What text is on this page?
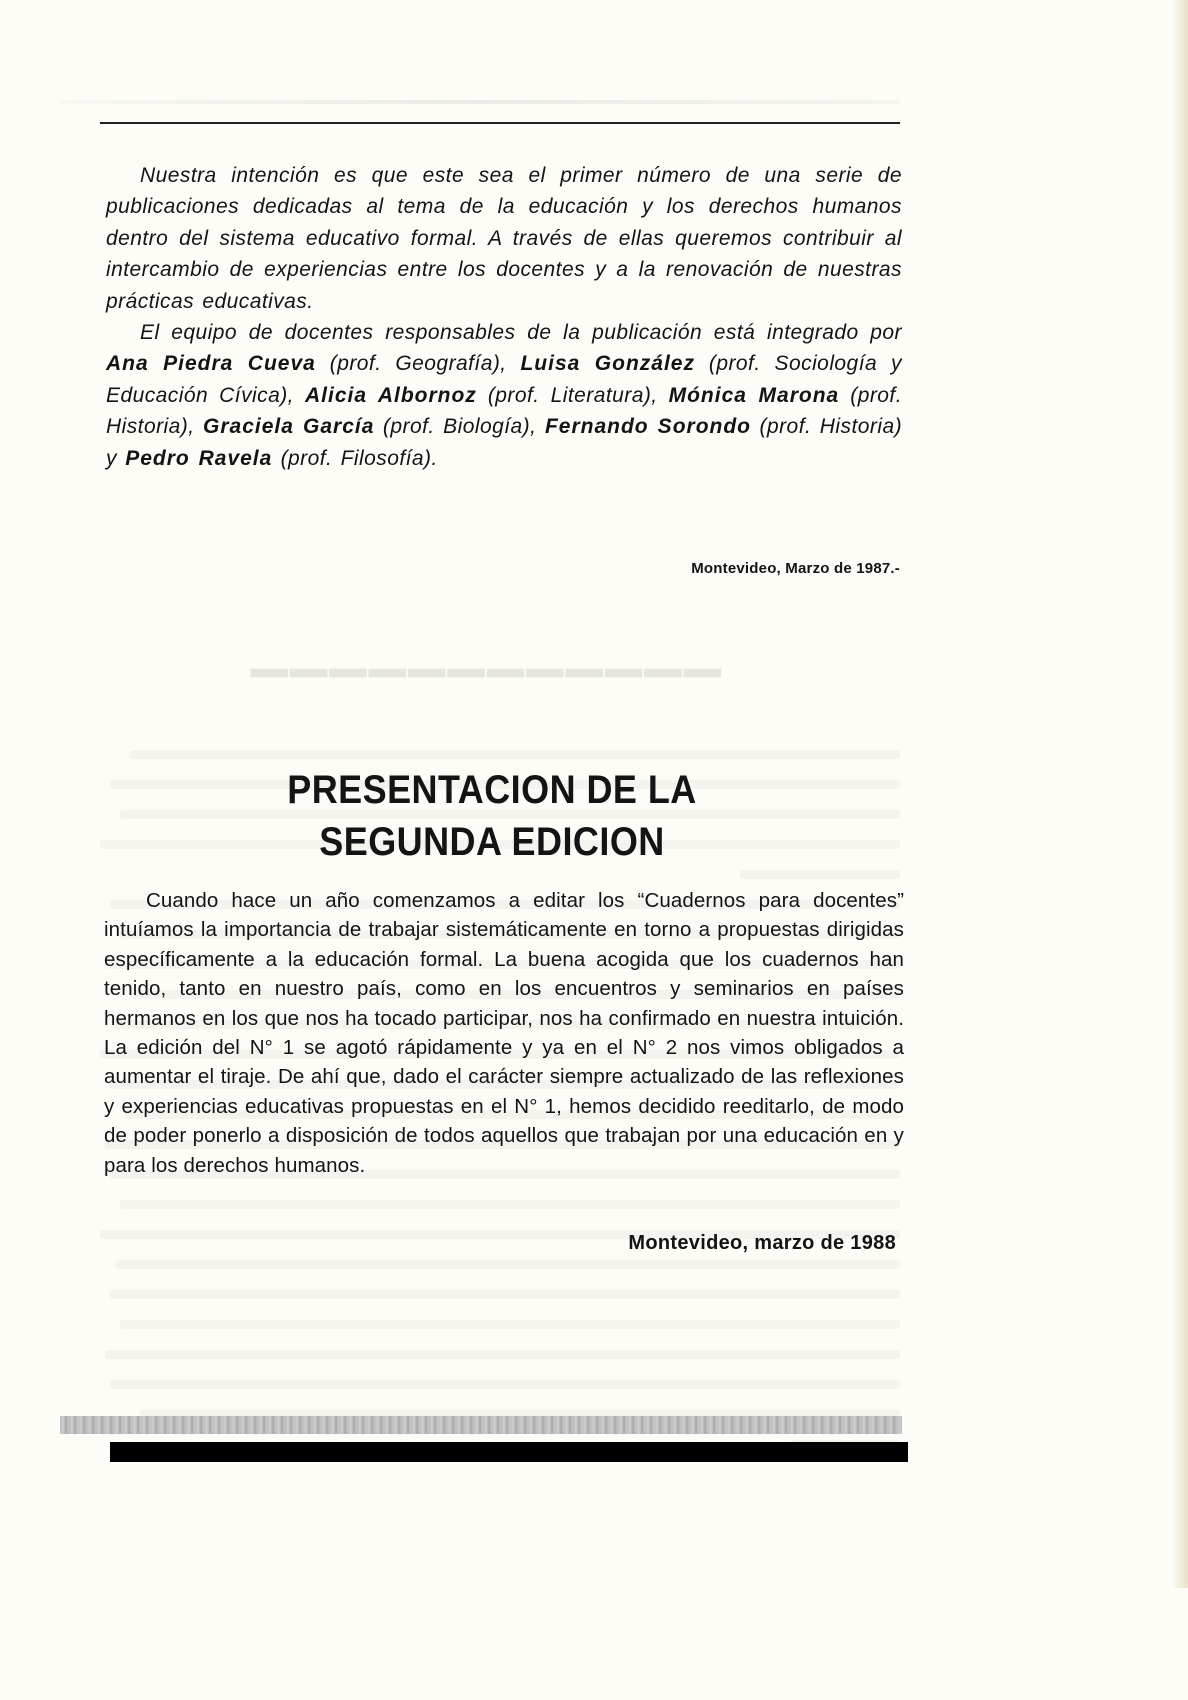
Nuestra intención es que este sea el primer número de una serie de publicaciones dedicadas al tema de la educación y los derechos humanos dentro del sistema educativo formal. A través de ellas queremos contribuir al intercambio de experiencias entre los docentes y a la renovación de nuestras prácticas educativas.

El equipo de docentes responsables de la publicación está integrado por Ana Piedra Cueva (prof. Geografía), Luisa González (prof. Sociología y Educación Cívica), Alicia Albornoz (prof. Literatura), Mónica Marona (prof. Historia), Graciela García (prof. Biología), Fernando Sorondo (prof. Historia) y Pedro Ravela (prof. Filosofía).

Montevideo, Marzo de 1987.-
▁▁▁▁▁▁▁▁▁▁▁▁
PRESENTACION DE LA
SEGUNDA EDICION

Cuando hace un año comenzamos a editar los “Cuadernos para docentes” intuíamos la importancia de trabajar sistemáticamente en torno a propuestas dirigidas específicamente a la educación formal. La buena acogida que los cuadernos han tenido, tanto en nuestro país, como en los encuentros y seminarios en países hermanos en los que nos ha tocado participar, nos ha confirmado en nuestra intuición. La edición del N° 1 se agotó rápidamente y ya en el N° 2 nos vimos obligados a aumentar el tiraje. De ahí que, dado el carácter siempre actualizado de las reflexiones y experiencias educativas propuestas en el N° 1, hemos decidido reeditarlo, de modo de poder ponerlo a disposición de todos aquellos que trabajan por una educación en y para los derechos humanos.

Montevideo, marzo de 1988
